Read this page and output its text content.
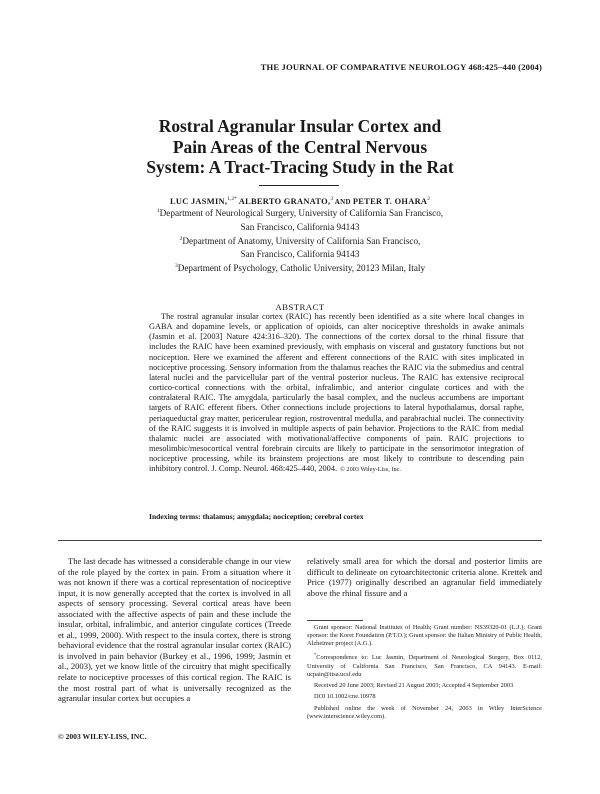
THE JOURNAL OF COMPARATIVE NEUROLOGY 468:425–440 (2004)
Rostral Agranular Insular Cortex and
Pain Areas of the Central Nervous
System: A Tract-Tracing Study in the Rat
LUC JASMIN,$^{1,2*}$ ALBERTO GRANATO,$^3$ AND PETER T. OHARA$^2$
$^1$Department of Neurological Surgery, University of California San Francisco,
San Francisco, California 94143
$^2$Department of Anatomy, University of California San Francisco,
San Francisco, California 94143
$^3$Department of Psychology, Catholic University, 20123 Milan, Italy
ABSTRACT
The rostral agranular insular cortex (RAIC) has recently been identified as a site where local changes in GABA and dopamine levels, or application of opioids, can alter nociceptive thresholds in awake animals (Jasmin et al. [2003] Nature 424:316–320). The connections of the cortex dorsal to the rhinal fissure that includes the RAIC have been examined previously, with emphasis on visceral and gustatory functions but not nociception. Here we examined the afferent and efferent connections of the RAIC with sites implicated in nociceptive processing. Sensory information from the thalamus reaches the RAIC via the submedius and central lateral nuclei and the parvicellular part of the ventral posterior nucleus. The RAIC has extensive reciprocal cortico-cortical connections with the orbital, infralimbic, and anterior cingulate cortices and with the contralateral RAIC. The amygdala, particularly the basal complex, and the nucleus accumbens are important targets of RAIC efferent fibers. Other connections include projections to lateral hypothalamus, dorsal raphe, periaqueductal gray matter, pericerulear region, rostroventral medulla, and parabrachial nuclei. The connectivity of the RAIC suggests it is involved in multiple aspects of pain behavior. Projections to the RAIC from medial thalamic nuclei are associated with motivational/affective components of pain. RAIC projections to mesolimbic/mesocortical ventral forebrain circuits are likely to participate in the sensorimotor integration of nociceptive processing, while its brainstem projections are most likely to contribute to descending pain inhibitory control. J. Comp. Neurol. 468:425–440, 2004. © 2003 Wiley-Liss, Inc.
Indexing terms: thalamus; amygdala; nociception; cerebral cortex
The last decade has witnessed a considerable change in our view of the role played by the cortex in pain. From a situation where it was not known if there was a cortical representation of nociceptive input, it is now generally accepted that the cortex is involved in all aspects of sensory processing. Several cortical areas have been associated with the affective aspects of pain and these include the insular, orbital, infralimbic, and anterior cingulate cortices (Treede et al., 1999, 2000). With respect to the insula cortex, there is strong behavioral evidence that the rostral agranular insular cortex (RAIC) is involved in pain behavior (Burkey et al., 1996, 1999; Jasmin et al., 2003), yet we know little of the circuitry that might specifically relate to nociceptive processes of this cortical region. The RAIC is the most rostral part of what is universally recognized as the agranular insular cortex but occupies a
relatively small area for which the dorsal and posterior limits are difficult to delineate on cytoarchitectonic criteria alone. Krettek and Price (1977) originally described an agranular field immediately above the rhinal fissure and a

Grant sponsor: National Institutes of Health; Grant number: NS39320-01 (L.J.); Grant sponsor: the Koret Foundation (P.T.O.); Grant sponsor: the Italian Ministry of Public Health, Alzheimer project (A.G.).

*Correspondence to: Luc Jasmin, Department of Neurological Surgery, Box 0112, University of California San Francisco, San Francisco, CA 94143. E-mail: ucpain@itsa.ucsf.edu

Received 20 June 2003; Revised 21 August 2003; Accepted 4 September 2003

DOI 10.1002/cne.10978

Published online the week of November 24, 2003 in Wiley InterScience (www.interscience.wiley.com).

© 2003 WILEY-LISS, INC.
